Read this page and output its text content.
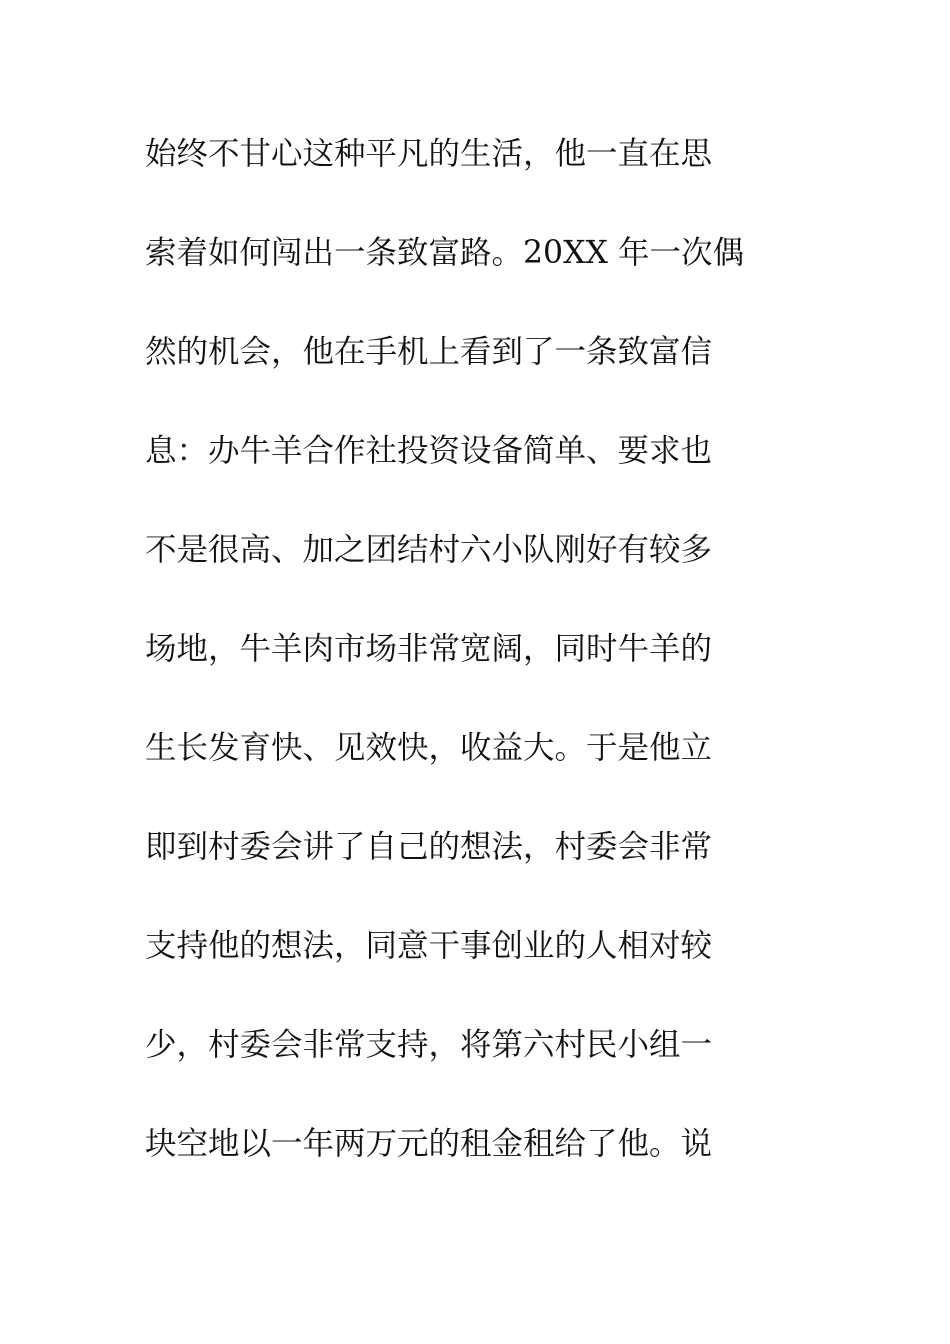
始终不甘心这种平凡的生活，他一直在思
索着如何闯出一条致富路。20XX 年一次偶
然的机会，他在手机上看到了一条致富信
息：办牛羊合作社投资设备简单、要求也
不是很高、加之团结村六小队刚好有较多
场地，牛羊肉市场非常宽阔，同时牛羊的
生长发育快、见效快，收益大。于是他立
即到村委会讲了自己的想法，村委会非常
支持他的想法，同意干事创业的人相对较
少，村委会非常支持，将第六村民小组一
块空地以一年两万元的租金租给了他。说
